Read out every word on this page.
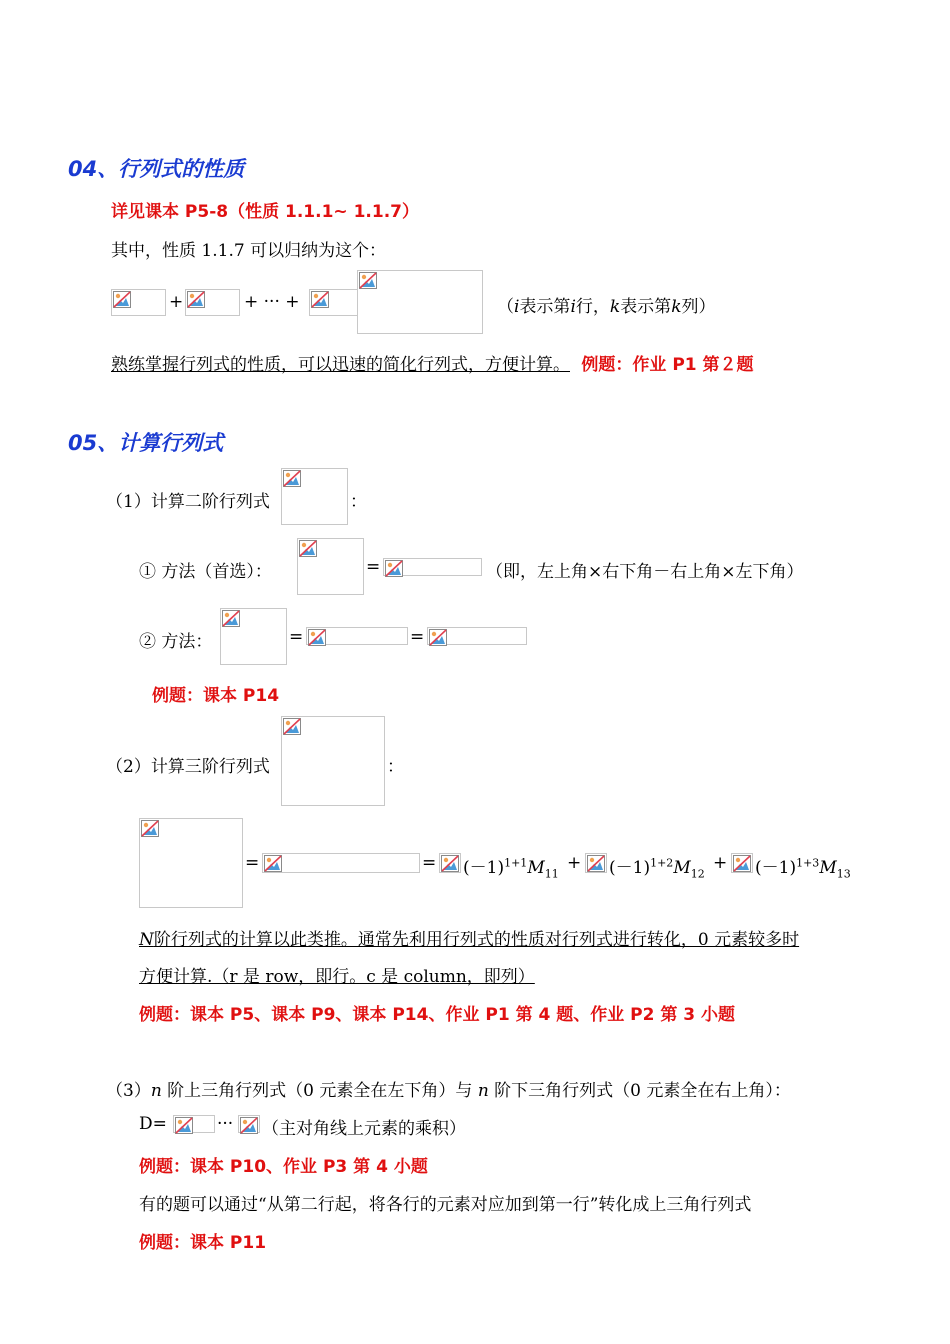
04、行列式的性质
详见课本 P5-8（性质 1.1.1~ 1.1.7）
其中，性质 1.1.7 可以归纳为这个：
+	+ ··· +	（i表示第i行，k表示第k列）
熟练掌握行列式的性质，可以迅速的简化行列式，方便计算。 例题：作业 P1 第２题
05、计算行列式
（1）计算二阶行列式	：
① 方法（首选）：	=	（即，左上角×右下角－右上角×左下角）
② 方法：	=	=
例题：课本 P14
（2）计算三阶行列式	：
=	= $(-1)^{1+1}M_{11}$
+ $(-1)^{1+2}M_{12}$
+ $(-1)^{1+3}M_{13}$
N阶行列式的计算以此类推。通常先利用行列式的性质对行列式进行转化，0 元素较多时
方便计算.（r 是 row，即行。c 是 column，即列）
例题：课本 P5、课本 P9、课本 P14、作业 P1 第 4 题、作业 P2 第 3 小题
（3）n 阶上三角行列式（0 元素全在左下角）与 n 阶下三角行列式（0 元素全在右上角）：
D=	··· （主对角线上元素的乘积）
例题：课本 P10、作业 P3 第 4 小题
有的题可以通过“从第二行起，将各行的元素对应加到第一行”转化成上三角行列式
例题：课本 P11
